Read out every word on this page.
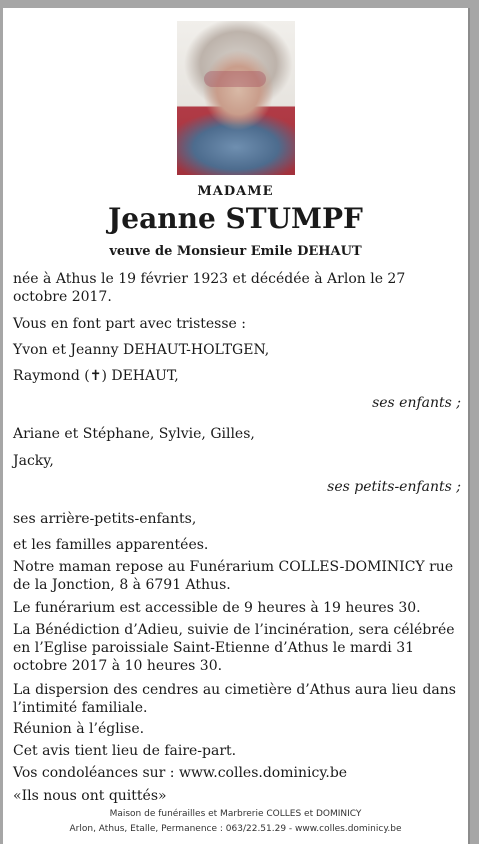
MADAME
Jeanne STUMPF
veuve de Monsieur Emile DEHAUT
née à Athus le 19 février 1923 et décédée à Arlon le 27 octobre 2017.
Vous en font part avec tristesse :
Yvon et Jeanny DEHAUT-HOLTGEN,
Raymond (✝) DEHAUT,
ses enfants ;
Ariane et Stéphane, Sylvie, Gilles,
Jacky,
ses petits-enfants ;
ses arrière-petits-enfants,
et les familles apparentées.
Notre maman repose au Funérarium COLLES-DOMINICY rue de la Jonction, 8 à 6791 Athus.
Le funérarium est accessible de 9 heures à 19 heures 30.
La Bénédiction d’Adieu, suivie de l’incinération, sera célébrée en l’Eglise paroissiale Saint-Etienne d’Athus le mardi 31 octobre 2017 à 10 heures 30.
La dispersion des cendres au cimetière d’Athus aura lieu dans l’intimité familiale.
Réunion à l’église.
Cet avis tient lieu de faire-part.
Vos condoléances sur : www.colles.dominicy.be
«Ils nous ont quittés»
Maison de funérailles et Marbrerie COLLES et DOMINICY
Arlon, Athus, Etalle, Permanence : 063/22.51.29 - www.colles.dominicy.be
